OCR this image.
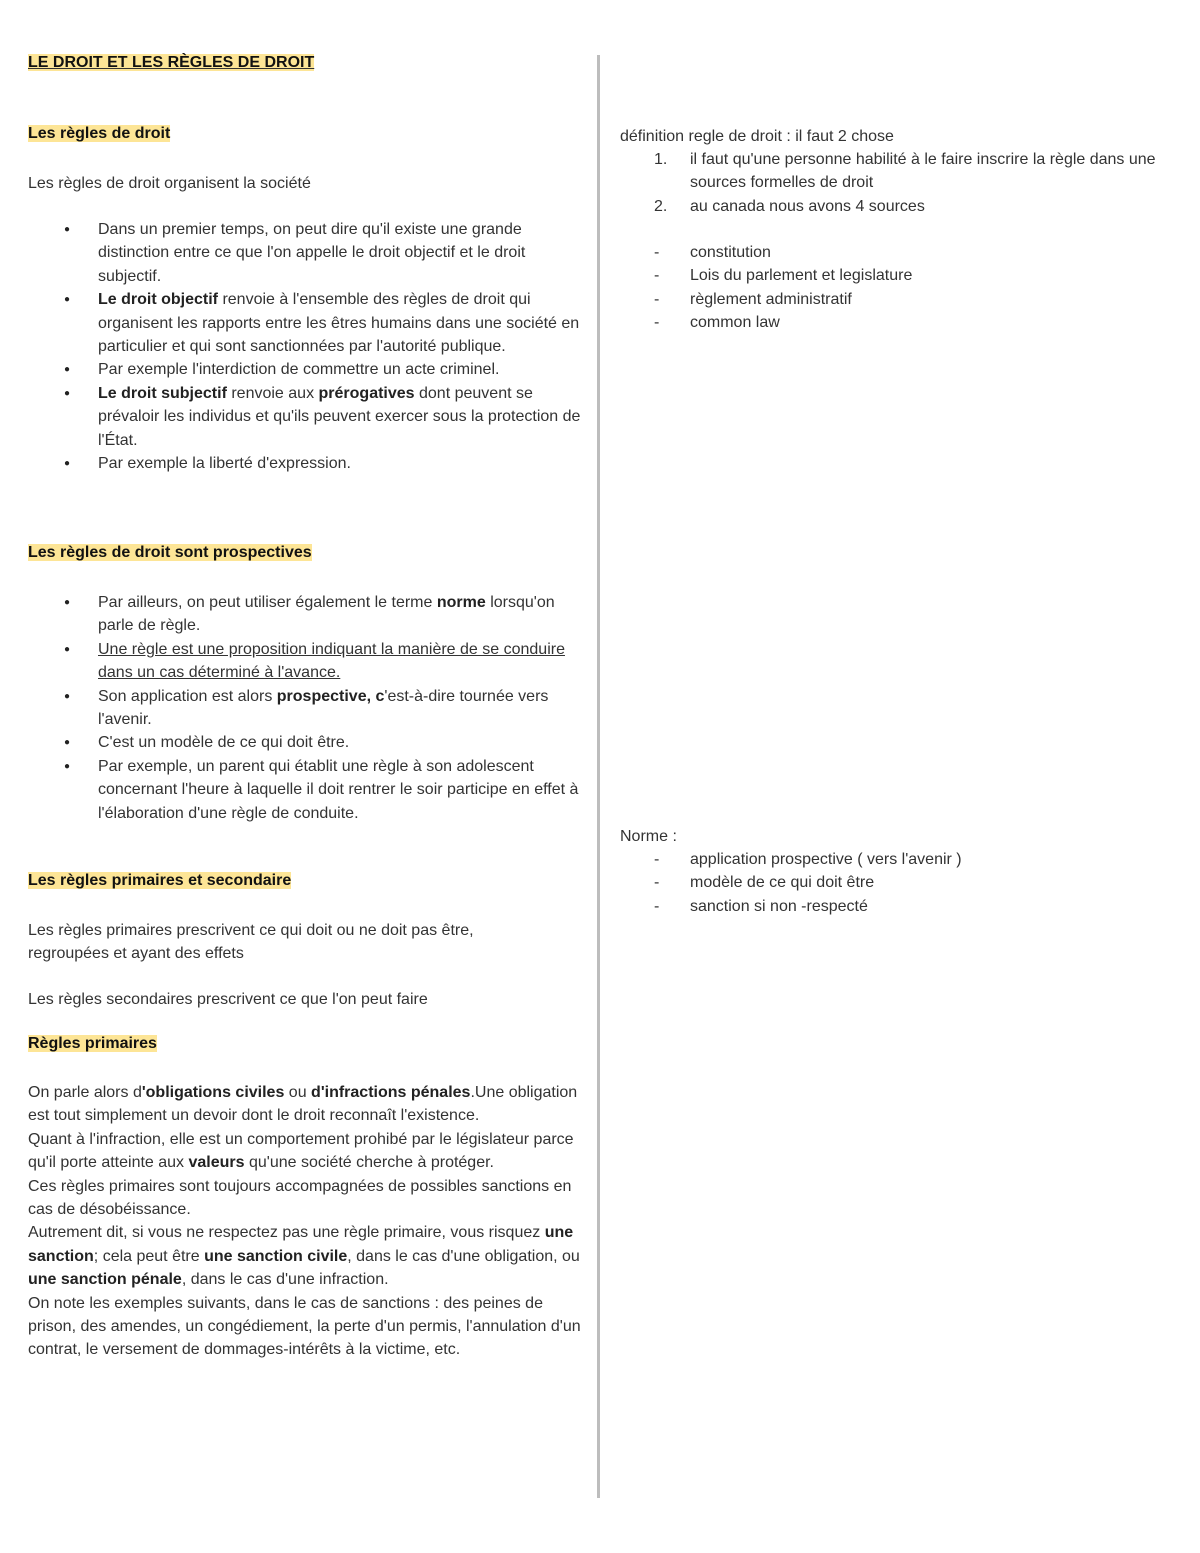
LE DROIT ET LES RÈGLES DE DROIT
Les règles de droit

Les règles de droit organisent la société

● Dans un premier temps, on peut dire qu'il existe une grande distinction entre ce que l'on appelle le droit objectif et le droit subjectif.
● Le droit objectif renvoie à l'ensemble des règles de droit qui organisent les rapports entre les êtres humains dans une société en particulier et qui sont sanctionnées par l'autorité publique.
● Par exemple l'interdiction de commettre un acte criminel.
● Le droit subjectif renvoie aux prérogatives dont peuvent se prévaloir les individus et qu'ils peuvent exercer sous la protection de l'État.
● Par exemple la liberté d'expression.
Les règles de droit sont prospectives
● Par ailleurs, on peut utiliser également le terme norme lorsqu'on parle de règle.
● Une règle est une proposition indiquant la manière de se conduire dans un cas déterminé à l'avance.
● Son application est alors prospective, c'est-à-dire tournée vers l'avenir.
● C'est un modèle de ce qui doit être.
● Par exemple, un parent qui établit une règle à son adolescent concernant l'heure à laquelle il doit rentrer le soir participe en effet à l'élaboration d'une règle de conduite.
Les règles primaires et secondaire

Les règles primaires prescrivent ce qui doit ou ne doit pas être, regroupées et ayant des effets

Les règles secondaires prescrivent ce que l'on peut faire

Règles primaires

On parle alors d'obligations civiles ou d'infractions pénales.Une obligation est tout simplement un devoir dont le droit reconnaît l'existence.

Quant à l'infraction, elle est un comportement prohibé par le législateur parce qu'il porte atteinte aux valeurs qu'une société cherche à protéger.

Ces règles primaires sont toujours accompagnées de possibles sanctions en cas de désobéissance.

Autrement dit, si vous ne respectez pas une règle primaire, vous risquez une sanction; cela peut être une sanction civile, dans le cas d'une obligation, ou une sanction pénale, dans le cas d'une infraction.

On note les exemples suivants, dans le cas de sanctions : des peines de prison, des amendes, un congédiement, la perte d'un permis, l'annulation d'un contrat, le versement de dommages-intérêts à la victime, etc.

définition regle de droit : il faut 2 chose

1. il faut qu'une personne habilité à le faire inscrire la règle dans une sources formelles de droit
2. au canada nous avons 4 sources
- constitution
- Lois du parlement et legislature
- règlement administratif
- common law

Norme :

- application prospective ( vers l'avenir )
- modèle de ce qui doit être
- sanction si non -respecté
